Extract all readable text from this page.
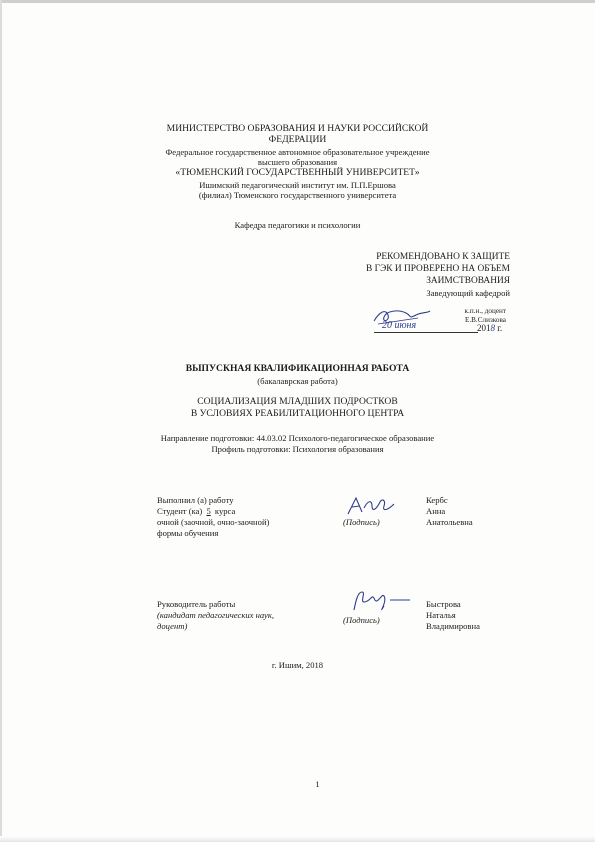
МИНИСТЕРСТВО ОБРАЗОВАНИЯ И НАУКИ РОССИЙСКОЙ
ФЕДЕРАЦИИ
Федеральное государственное автономное образовательное учреждение
высшего образования
«ТЮМЕНСКИЙ ГОСУДАРСТВЕННЫЙ УНИВЕРСИТЕТ»
Ишимский педагогический институт им. П.П.Ершова
(филиал) Тюменского государственного университета
Кафедра педагогики и психологии
РЕКОМЕНДОВАНО К ЗАЩИТЕ
В ГЭК И ПРОВЕРЕНО НА ОБЪЕМ
ЗАИМСТВОВАНИЯ
Заведующий кафедрой
к.п.н., доцент
Е.В.Слизкова
20 июня	2018 г.
ВЫПУСКНАЯ КВАЛИФИКАЦИОННАЯ РАБОТА
(бакалаврская работа)
СОЦИАЛИЗАЦИЯ МЛАДШИХ ПОДРОСТКОВ
В УСЛОВИЯХ РЕАБИЛИТАЦИОННОГО ЦЕНТРА
Направление подготовки: 44.03.02 Психолого-педагогическое образование
Профиль подготовки: Психология образования
Выполнил (а) работу
Студент (ка) 5 курса
очной (заочной, очно-заочной)
формы обучения
(Подпись)
Кербс
Анна
Анатольевна
Руководитель работы
(кандидат педагогических наук,
доцент)
(Подпись)
Быстрова
Наталья
Владимировна
г. Ишим, 2018
1
